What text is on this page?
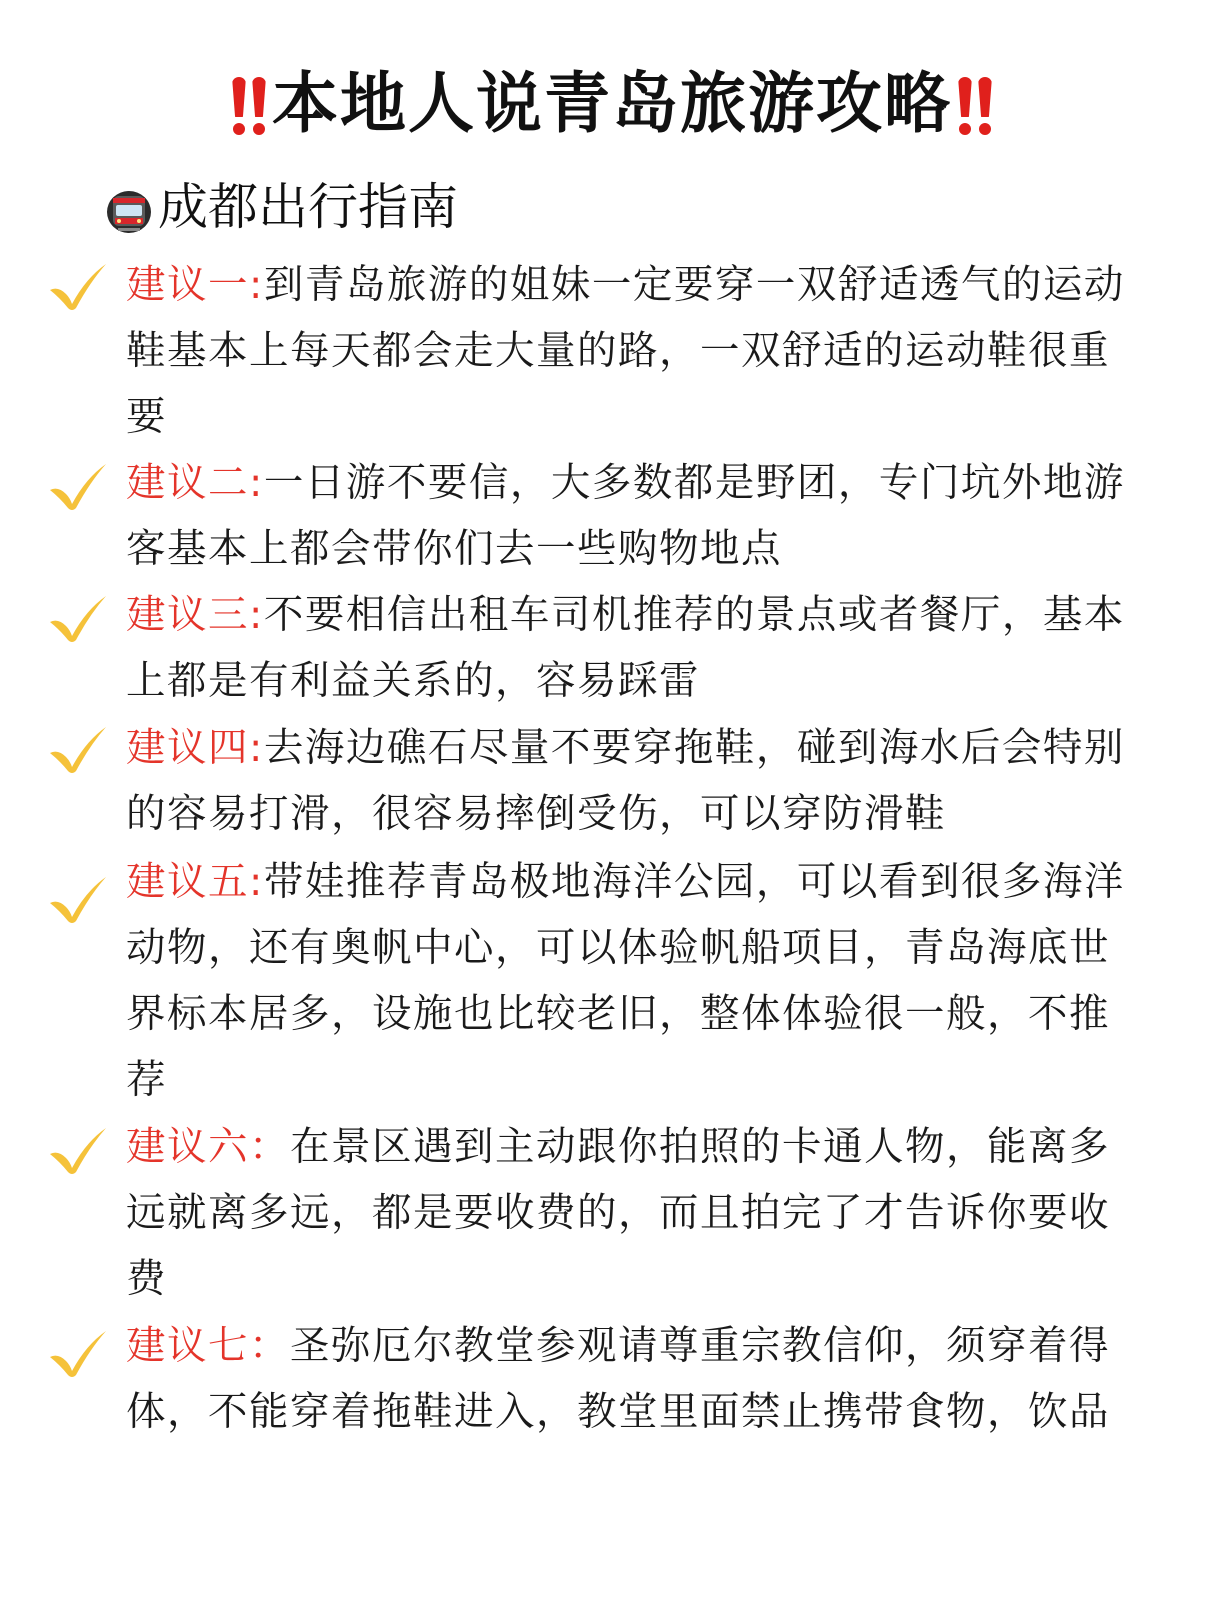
本地人说青岛旅游攻略
成都出行指南
建议一:到青岛旅游的姐妹一定要穿一双舒适透气的运动鞋基本上每天都会走大量的路，一双舒适的运动鞋很重要
建议二:一日游不要信，大多数都是野团，专门坑外地游客基本上都会带你们去一些购物地点
建议三:不要相信出租车司机推荐的景点或者餐厅，基本上都是有利益关系的，容易踩雷
建议四:去海边礁石尽量不要穿拖鞋，碰到海水后会特别的容易打滑，很容易摔倒受伤，可以穿防滑鞋
建议五:带娃推荐青岛极地海洋公园，可以看到很多海洋动物，还有奥帆中心，可以体验帆船项目，青岛海底世界标本居多，设施也比较老旧，整体体验很一般，不推荐
建议六：在景区遇到主动跟你拍照的卡通人物，能离多远就离多远，都是要收费的，而且拍完了才告诉你要收费
建议七：圣弥厄尔教堂参观请尊重宗教信仰，须穿着得体，不能穿着拖鞋进入，教堂里面禁止携带食物，饮品
